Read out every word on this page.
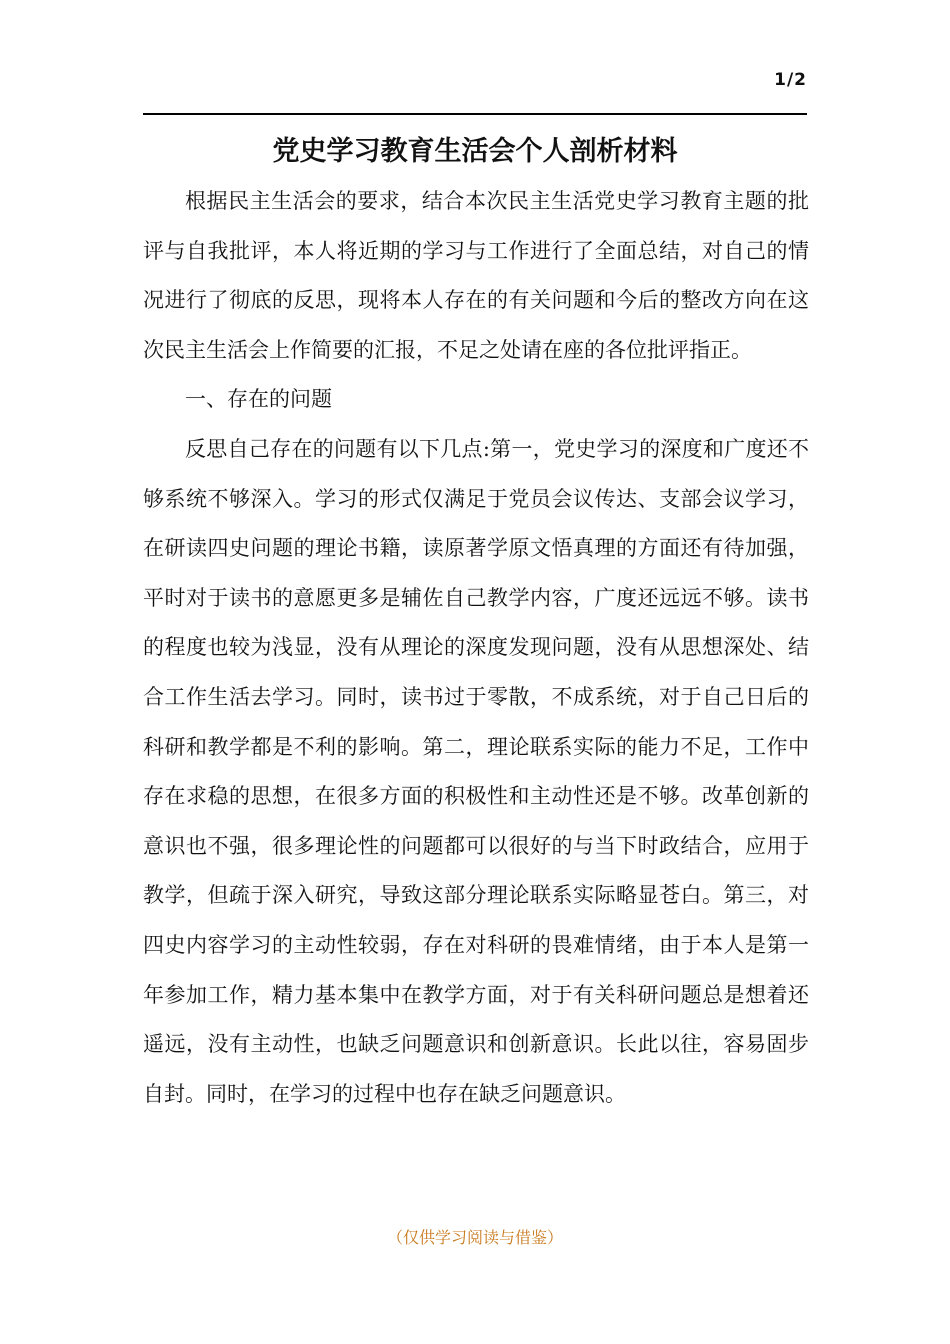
1/2
党史学习教育生活会个人剖析材料

根据民主生活会的要求，结合本次民主生活党史学习教育主题的批评与自我批评，本人将近期的学习与工作进行了全面总结，对自己的情况进行了彻底的反思，现将本人存在的有关问题和今后的整改方向在这次民主生活会上作简要的汇报，不足之处请在座的各位批评指正。

一、存在的问题

反思自己存在的问题有以下几点:第一，党史学习的深度和广度还不够系统不够深入。学习的形式仅满足于党员会议传达、支部会议学习，在研读四史问题的理论书籍，读原著学原文悟真理的方面还有待加强，平时对于读书的意愿更多是辅佐自己教学内容，广度还远远不够。读书的程度也较为浅显，没有从理论的深度发现问题，没有从思想深处、结合工作生活去学习。同时，读书过于零散，不成系统，对于自己日后的科研和教学都是不利的影响。第二，理论联系实际的能力不足，工作中存在求稳的思想，在很多方面的积极性和主动性还是不够。改革创新的意识也不强，很多理论性的问题都可以很好的与当下时政结合，应用于教学，但疏于深入研究，导致这部分理论联系实际略显苍白。第三，对四史内容学习的主动性较弱，存在对科研的畏难情绪，由于本人是第一年参加工作，精力基本集中在教学方面，对于有关科研问题总是想着还遥远，没有主动性，也缺乏问题意识和创新意识。长此以往，容易固步自封。同时，在学习的过程中也存在缺乏问题意识。

（仅供学习阅读与借鉴）
